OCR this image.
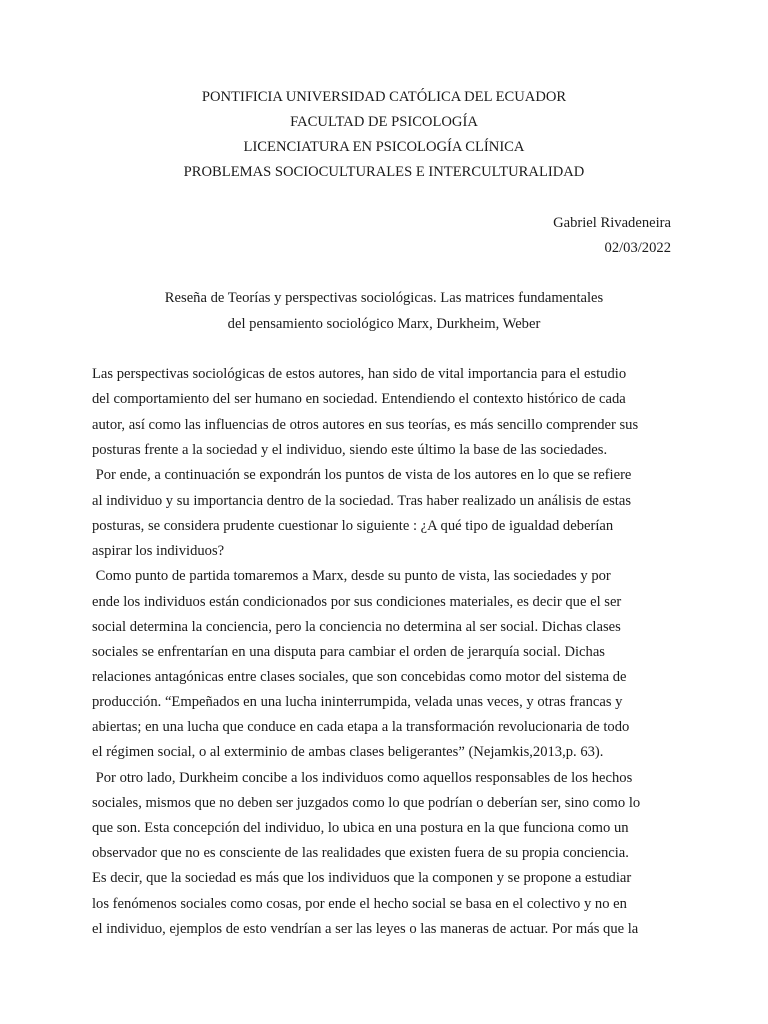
PONTIFICIA UNIVERSIDAD CATÓLICA DEL ECUADOR
FACULTAD DE PSICOLOGÍA
LICENCIATURA EN PSICOLOGÍA CLÍNICA
PROBLEMAS SOCIOCULTURALES E INTERCULTURALIDAD
Gabriel Rivadeneira
02/03/2022
Reseña de Teorías y perspectivas sociológicas. Las matrices fundamentales
del pensamiento sociológico Marx, Durkheim, Weber
Las perspectivas sociológicas de estos autores, han sido de vital importancia para el estudio
del comportamiento del ser humano en sociedad. Entendiendo el contexto histórico de cada
autor, así como las influencias de otros autores en sus teorías, es más sencillo comprender sus
posturas frente a la sociedad y el individuo, siendo este último la base de las sociedades.
Por ende, a continuación se expondrán los puntos de vista de los autores en lo que se refiere
al individuo y su importancia dentro de la sociedad. Tras haber realizado un análisis de estas
posturas, se considera prudente cuestionar lo siguiente : ¿A qué tipo de igualdad deberían
aspirar los individuos?
Como punto de partida tomaremos a Marx, desde su punto de vista, las sociedades y por
ende los individuos están condicionados por sus condiciones materiales, es decir que el ser
social determina la conciencia, pero la conciencia no determina al ser social. Dichas clases
sociales se enfrentarían en una disputa para cambiar el orden de jerarquía social. Dichas
relaciones antagónicas entre clases sociales, que son concebidas como motor del sistema de
producción. “Empeñados en una lucha ininterrumpida, velada unas veces, y otras francas y
abiertas; en una lucha que conduce en cada etapa a la transformación revolucionaria de todo
el régimen social, o al exterminio de ambas clases beligerantes” (Nejamkis,2013,p. 63).
Por otro lado, Durkheim concibe a los individuos como aquellos responsables de los hechos
sociales, mismos que no deben ser juzgados como lo que podrían o deberían ser, sino como lo
que son. Esta concepción del individuo, lo ubica en una postura en la que funciona como un
observador que no es consciente de las realidades que existen fuera de su propia conciencia.
Es decir, que la sociedad es más que los individuos que la componen y se propone a estudiar
los fenómenos sociales como cosas, por ende el hecho social se basa en el colectivo y no en
el individuo, ejemplos de esto vendrían a ser las leyes o las maneras de actuar. Por más que la
